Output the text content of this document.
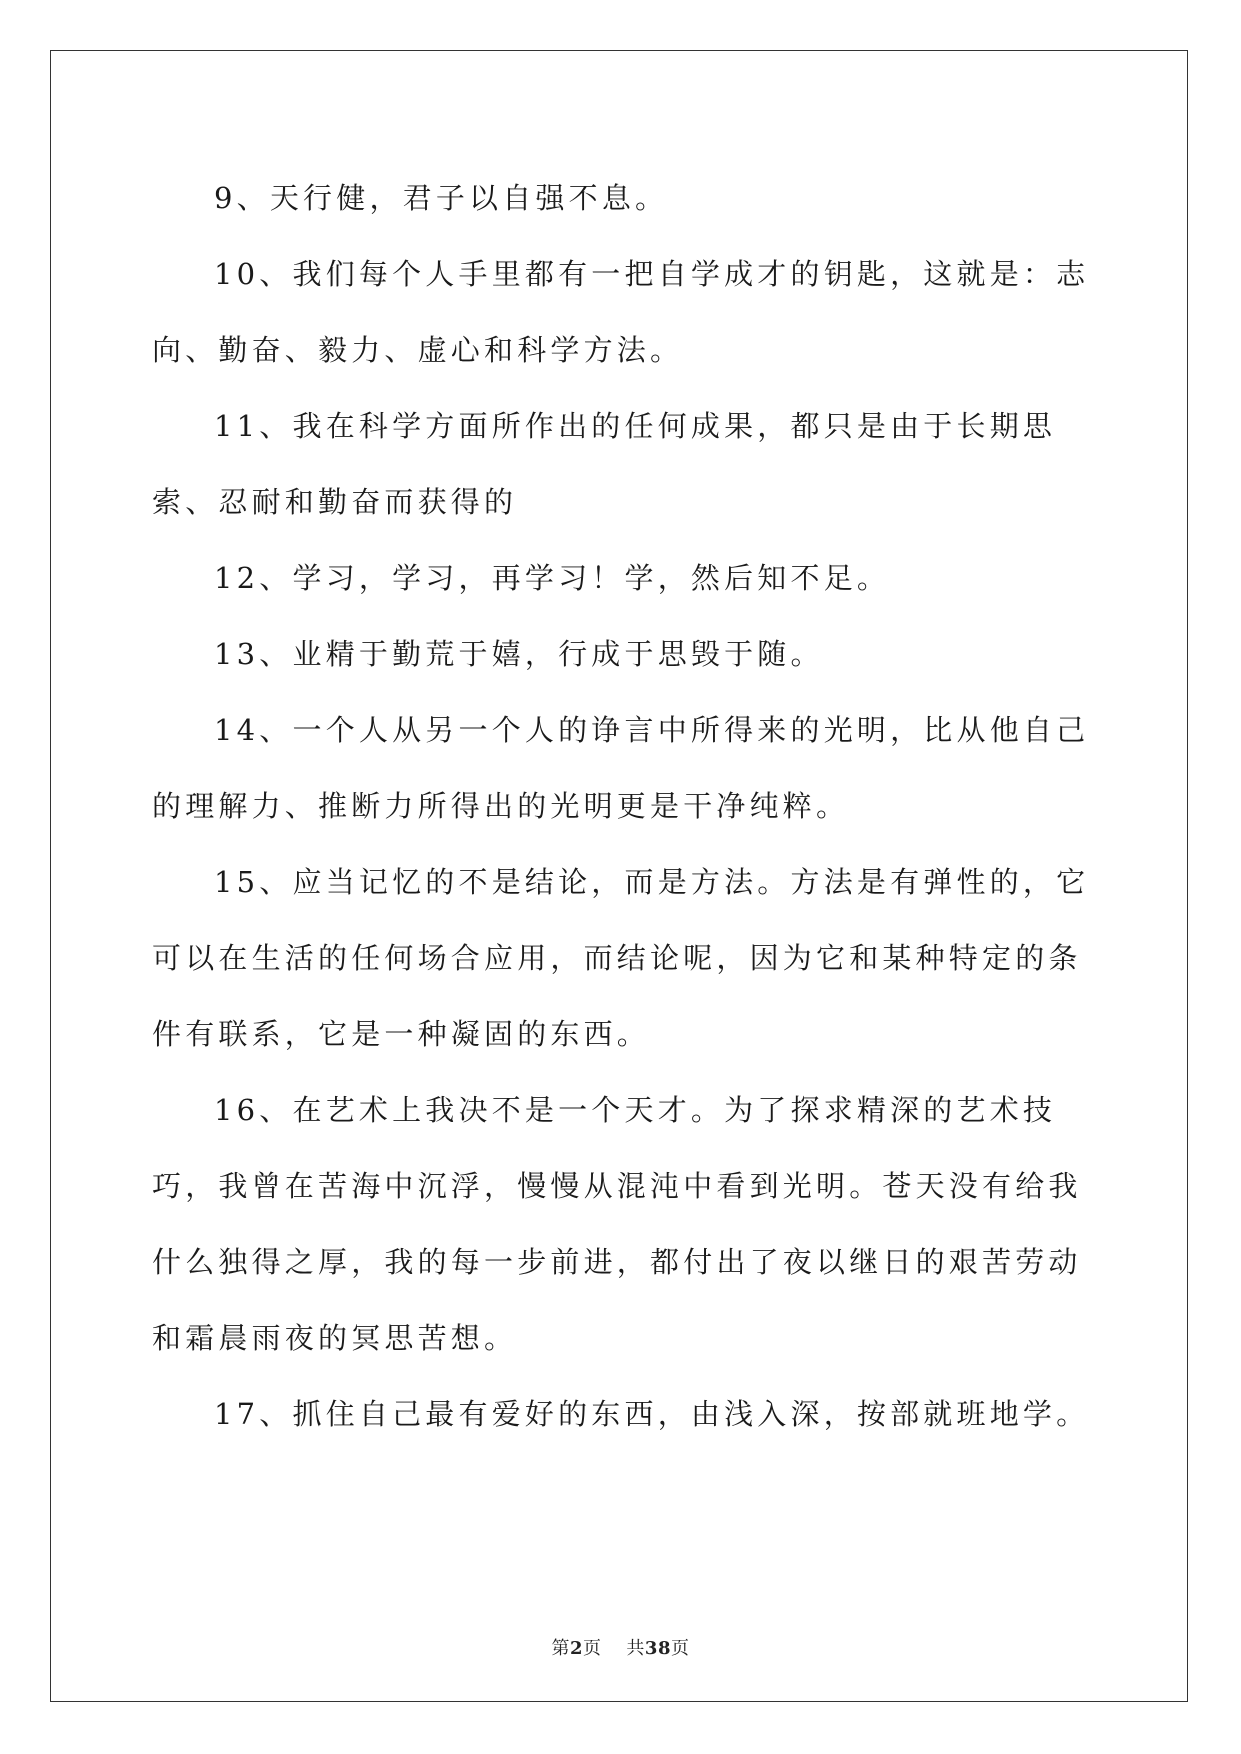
9、天行健，君子以自强不息。

10、我们每个人手里都有一把自学成才的钥匙，这就是：志向、勤奋、毅力、虚心和科学方法。

11、我在科学方面所作出的任何成果，都只是由于长期思索、忍耐和勤奋而获得的

12、学习，学习，再学习！学，然后知不足。

13、业精于勤荒于嬉，行成于思毁于随。

14、一个人从另一个人的诤言中所得来的光明，比从他自己的理解力、推断力所得出的光明更是干净纯粹。

15、应当记忆的不是结论，而是方法。方法是有弹性的，它可以在生活的任何场合应用，而结论呢，因为它和某种特定的条件有联系，它是一种凝固的东西。

16、在艺术上我决不是一个天才。为了探求精深的艺术技巧，我曾在苦海中沉浮，慢慢从混沌中看到光明。苍天没有给我什么独得之厚，我的每一步前进，都付出了夜以继日的艰苦劳动和霜晨雨夜的冥思苦想。

17、抓住自己最有爱好的东西，由浅入深，按部就班地学。

第2页 共38页
